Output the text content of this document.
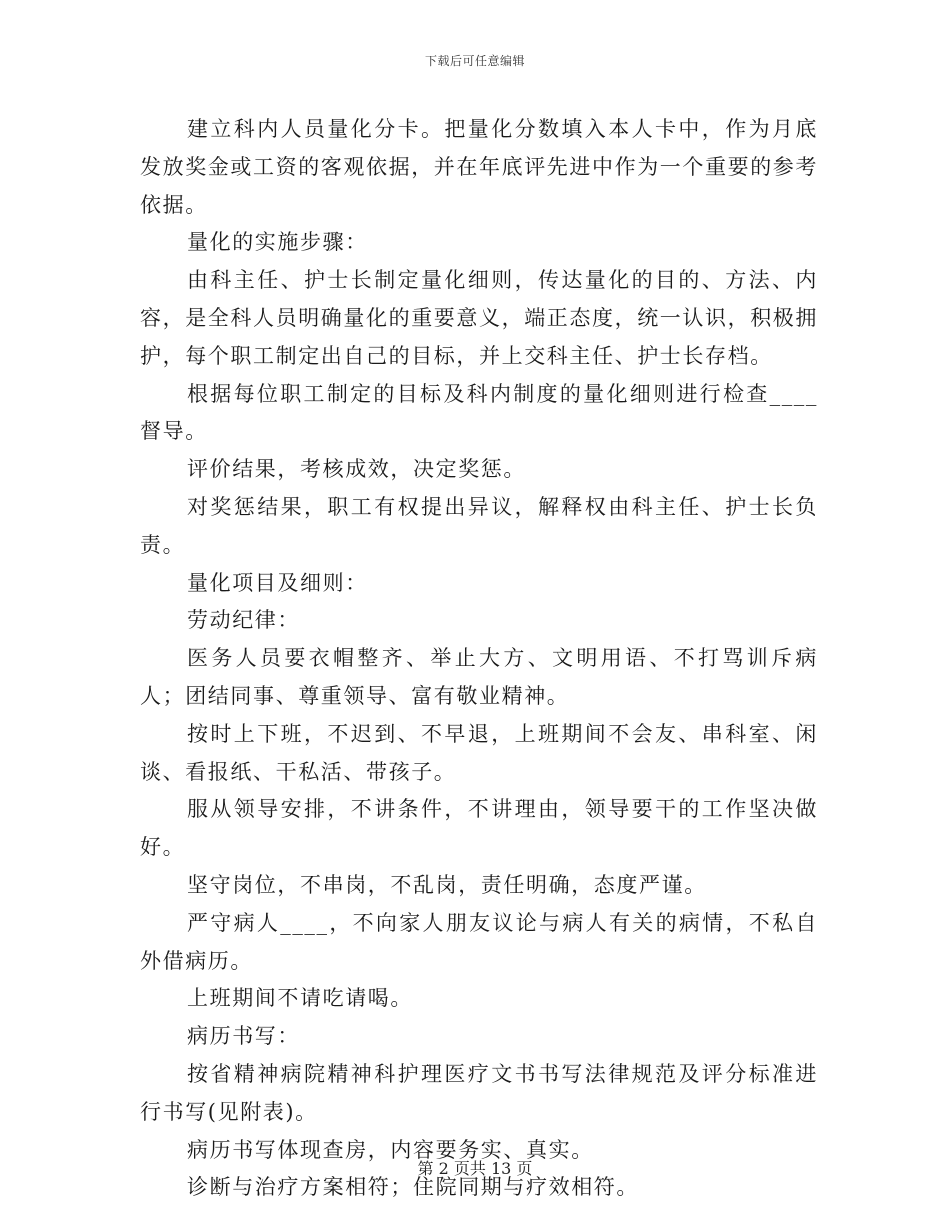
下载后可任意编辑

建立科内人员量化分卡。把量化分数填入本人卡中，作为月底发放奖金或工资的客观依据，并在年底评先进中作为一个重要的参考依据。

量化的实施步骤：

由科主任、护士长制定量化细则，传达量化的目的、方法、内容，是全科人员明确量化的重要意义，端正态度，统一认识，积极拥护，每个职工制定出自己的目标，并上交科主任、护士长存档。

根据每位职工制定的目标及科内制度的量化细则进行检查____督导。

评价结果，考核成效，决定奖惩。

对奖惩结果，职工有权提出异议，解释权由科主任、护士长负责。

量化项目及细则：

劳动纪律：

医务人员要衣帽整齐、举止大方、文明用语、不打骂训斥病人；团结同事、尊重领导、富有敬业精神。

按时上下班，不迟到、不早退，上班期间不会友、串科室、闲谈、看报纸、干私活、带孩子。

服从领导安排，不讲条件，不讲理由，领导要干的工作坚决做好。

坚守岗位，不串岗，不乱岗，责任明确，态度严谨。

严守病人____，不向家人朋友议论与病人有关的病情，不私自外借病历。

上班期间不请吃请喝。

病历书写：

按省精神病院精神科护理医疗文书书写法律规范及评分标准进行书写(见附表)。

病历书写体现查房，内容要务实、真实。

诊断与治疗方案相符；住院同期与疗效相符。

第 2 页共 13 页
